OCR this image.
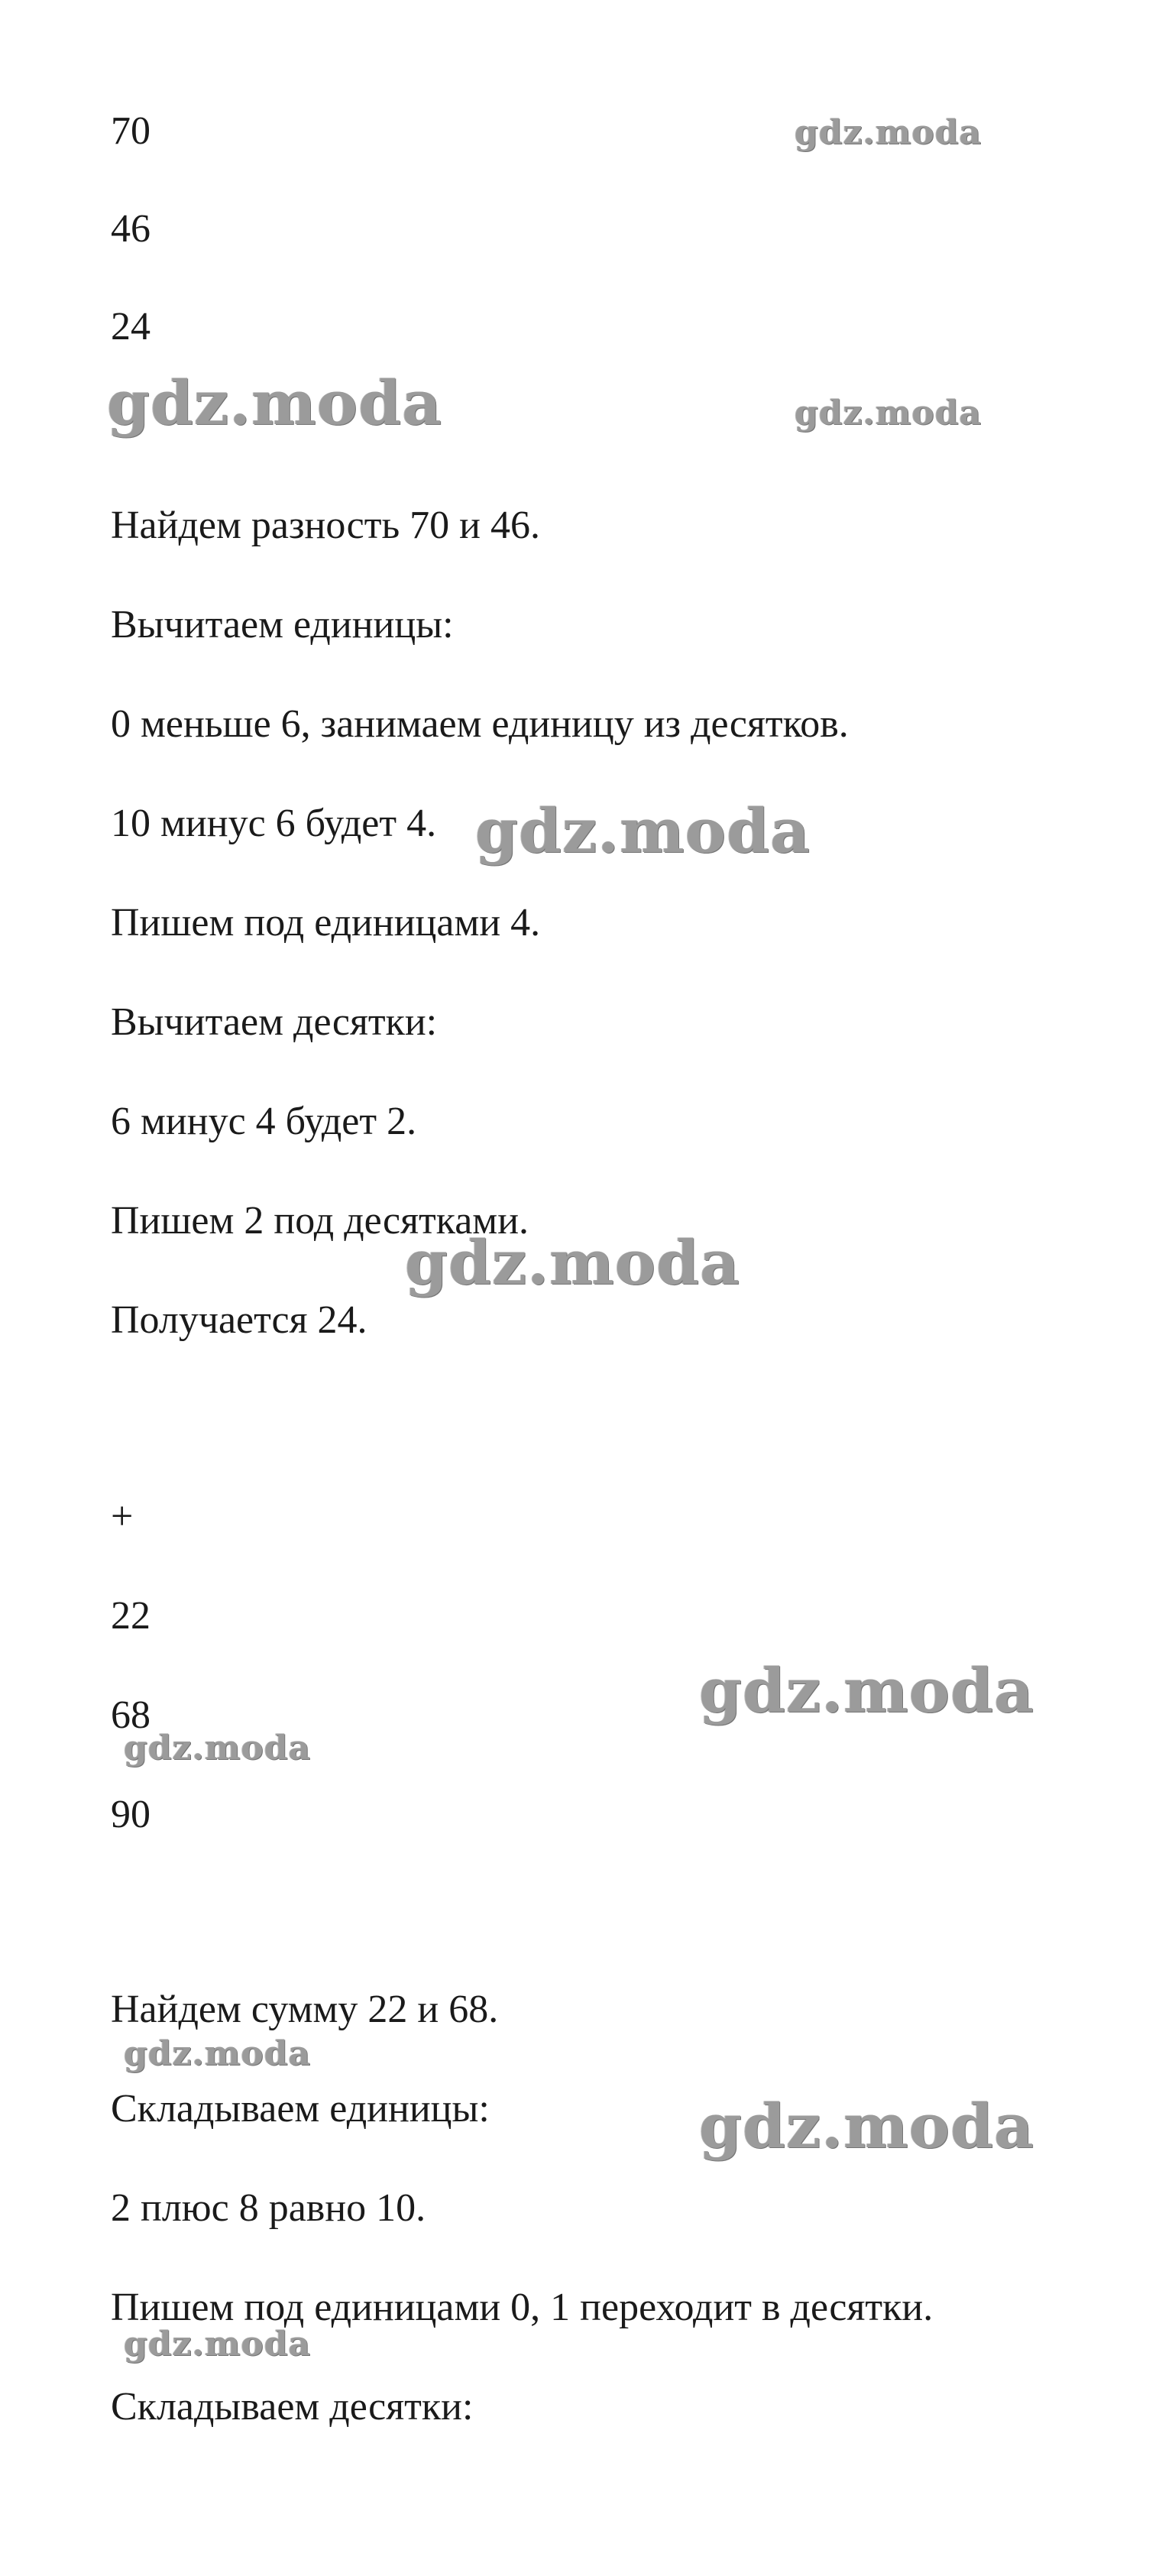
70
46
24
Найдем разность 70 и 46.
Вычитаем единицы:
0 меньше 6, занимаем единицу из десятков.
10 минус 6 будет 4.
Пишем под единицами 4.
Вычитаем десятки:
6 минус 4 будет 2.
Пишем 2 под десятками.
Получается 24.
+
22
68
90
Найдем сумму 22 и 68.
Складываем единицы:
2 плюс 8 равно 10.
Пишем под единицами 0, 1 переходит в десятки.
Складываем десятки:
gdz.moda
gdz.moda	gdz.moda
gdz.moda
gdz.moda
gdz.moda
gdz.moda
gdz.moda
gdz.moda
gdz.moda
